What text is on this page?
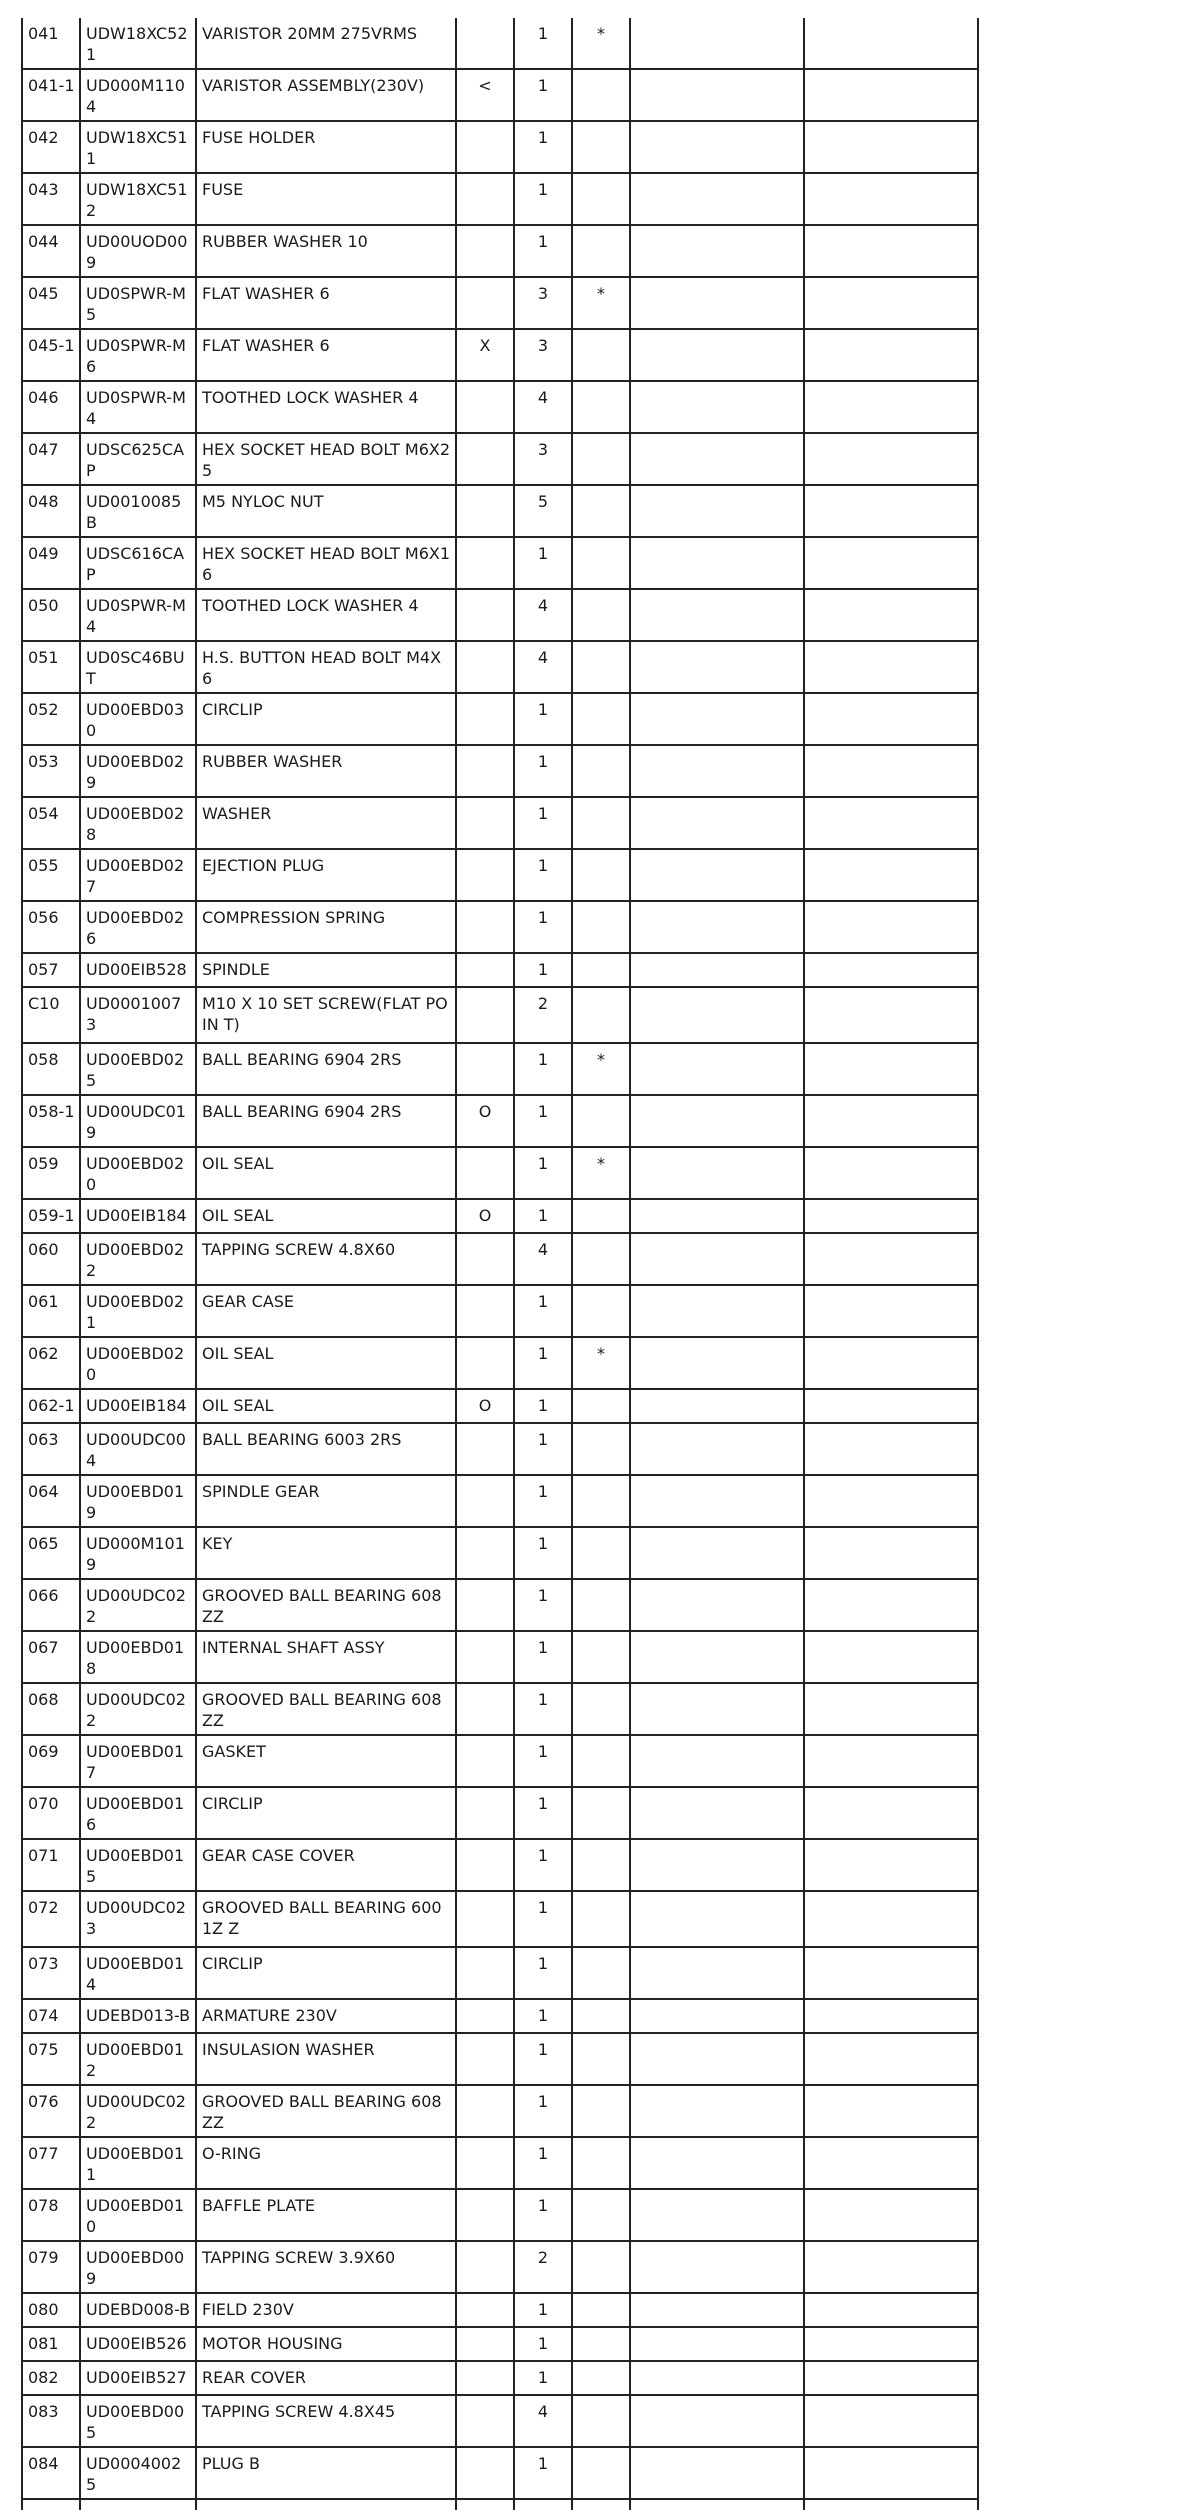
041	UDW18XC521	VARISTOR 20MM 275VRMS		1	*		
041-1	UD000M1104	VARISTOR ASSEMBLY(230V)	<	1			
042	UDW18XC511	FUSE HOLDER		1			
043	UDW18XC512	FUSE		1			
044	UD00UOD009	RUBBER WASHER 10		1			
045	UD0SPWR-M5	FLAT WASHER 6		3	*		
045-1	UD0SPWR-M6	FLAT WASHER 6	X	3			
046	UD0SPWR-M4	TOOTHED LOCK WASHER 4		4			
047	UDSC625CAP	HEX SOCKET HEAD BOLT M6X25		3			
048	UD0010085B	M5 NYLOC NUT		5			
049	UDSC616CAP	HEX SOCKET HEAD BOLT M6X16		1			
050	UD0SPWR-M4	TOOTHED LOCK WASHER 4		4			
051	UD0SC46BUT	H.S. BUTTON HEAD BOLT M4X6		4			
052	UD00EBD030	CIRCLIP		1			
053	UD00EBD029	RUBBER WASHER		1			
054	UD00EBD028	WASHER		1			
055	UD00EBD027	EJECTION PLUG		1			
056	UD00EBD026	COMPRESSION SPRING		1			
057	UD00EIB528	SPINDLE		1			
C10	UD00010073	M10 X 10 SET SCREW(FLAT POIN T)		2			
058	UD00EBD025	BALL BEARING 6904 2RS		1	*		
058-1	UD00UDC019	BALL BEARING 6904 2RS	O	1			
059	UD00EBD020	OIL SEAL		1	*		
059-1	UD00EIB184	OIL SEAL	O	1			
060	UD00EBD022	TAPPING SCREW 4.8X60		4			
061	UD00EBD021	GEAR CASE		1			
062	UD00EBD020	OIL SEAL		1	*		
062-1	UD00EIB184	OIL SEAL	O	1			
063	UD00UDC004	BALL BEARING 6003 2RS		1			
064	UD00EBD019	SPINDLE GEAR		1			
065	UD000M1019	KEY		1			
066	UD00UDC022	GROOVED BALL BEARING 608ZZ		1			
067	UD00EBD018	INTERNAL SHAFT ASSY		1			
068	UD00UDC022	GROOVED BALL BEARING 608ZZ		1			
069	UD00EBD017	GASKET		1			
070	UD00EBD016	CIRCLIP		1			
071	UD00EBD015	GEAR CASE COVER		1			
072	UD00UDC023	GROOVED BALL BEARING 6001Z Z		1			
073	UD00EBD014	CIRCLIP		1			
074	UDEBD013-B	ARMATURE 230V		1			
075	UD00EBD012	INSULASION WASHER		1			
076	UD00UDC022	GROOVED BALL BEARING 608ZZ		1			
077	UD00EBD011	O-RING		1			
078	UD00EBD010	BAFFLE PLATE		1			
079	UD00EBD009	TAPPING SCREW 3.9X60		2			
080	UDEBD008-B	FIELD 230V		1			
081	UD00EIB526	MOTOR HOUSING		1			
082	UD00EIB527	REAR COVER		1			
083	UD00EBD005	TAPPING SCREW 4.8X45		4			
084	UD00040025	PLUG B		1			
